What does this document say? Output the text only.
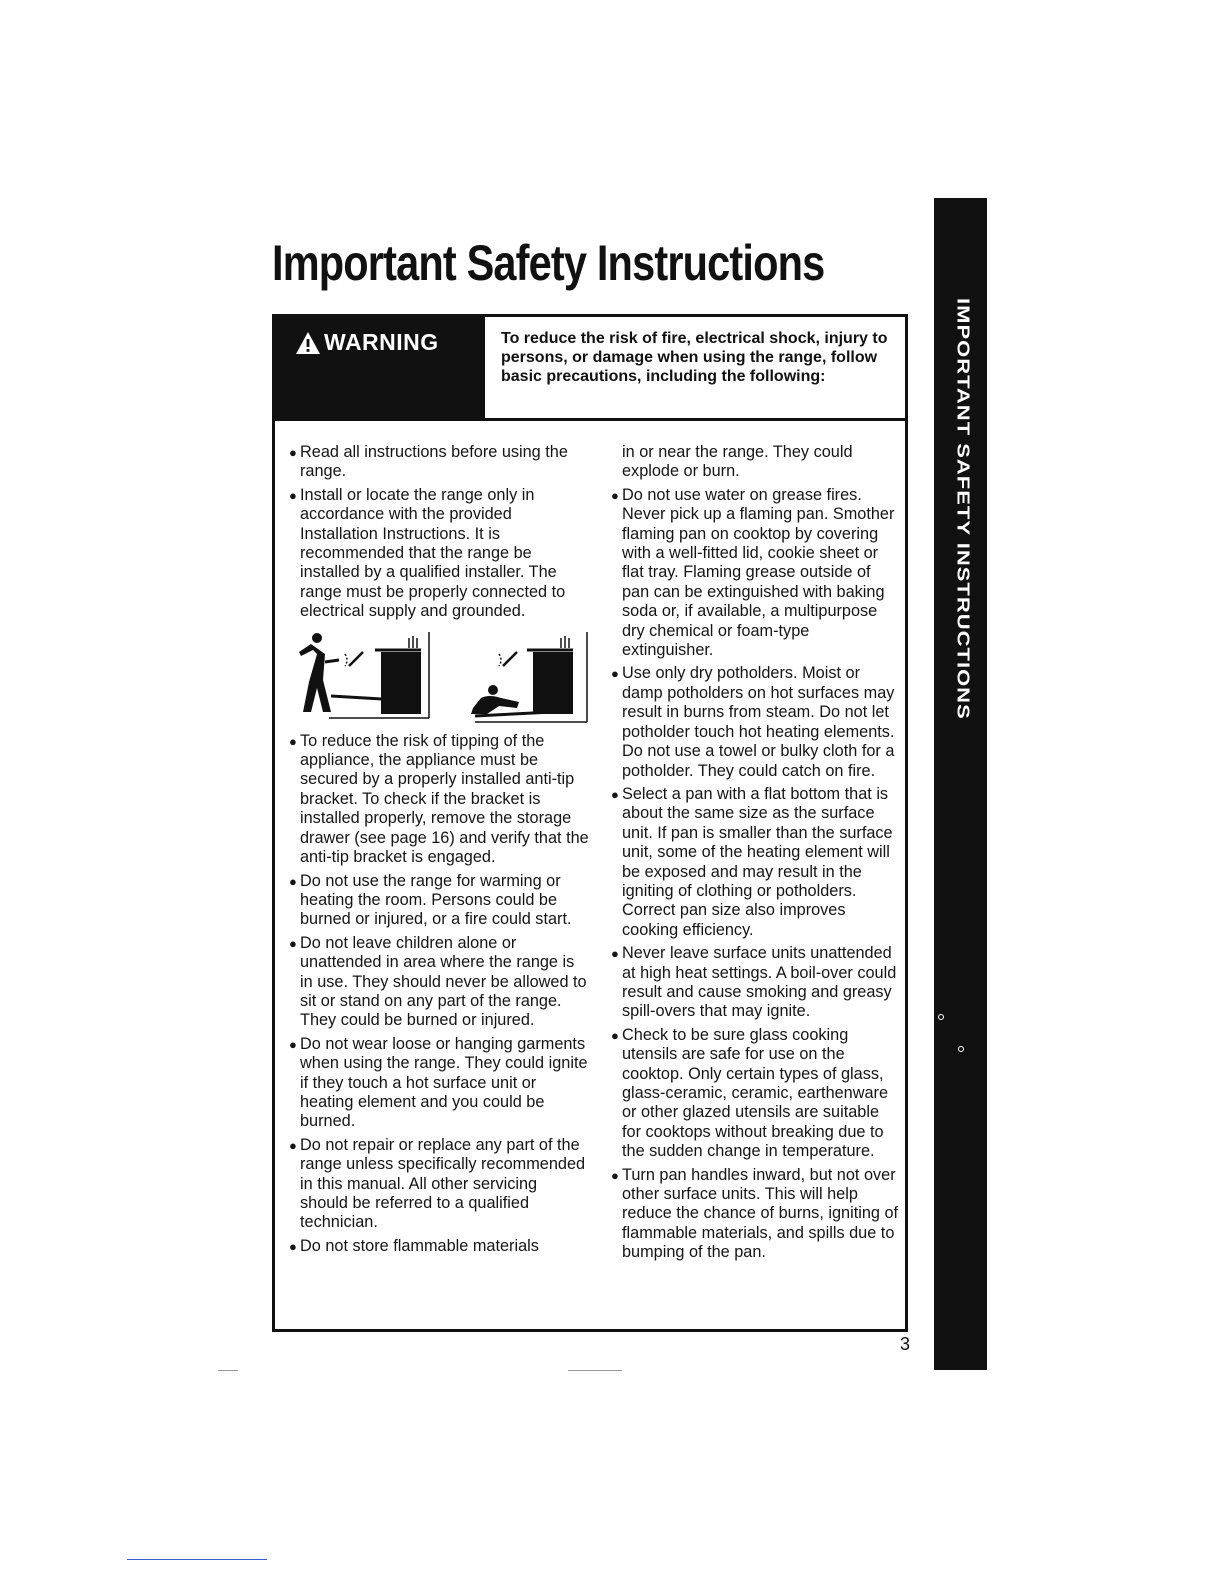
Important Safety Instructions
WARNING	To reduce the risk of fire, electrical shock, injury to persons, or damage when using the range, follow basic precautions, including the following:
● Read all instructions before using the range.
● Install or locate the range only in accordance with the provided Installation Instructions. It is recommended that the range be installed by a qualified installer. The range must be properly connected to electrical supply and grounded.
● To reduce the risk of tipping of the appliance, the appliance must be secured by a properly installed anti-tip bracket. To check if the bracket is installed properly, remove the storage drawer (see page 16) and verify that the anti-tip bracket is engaged.
● Do not use the range for warming or heating the room. Persons could be burned or injured, or a fire could start.
● Do not leave children alone or unattended in area where the range is in use. They should never be allowed to sit or stand on any part of the range. They could be burned or injured.
● Do not wear loose or hanging garments when using the range. They could ignite if they touch a hot surface unit or heating element and you could be burned.
● Do not repair or replace any part of the range unless specifically recommended in this manual. All other servicing should be referred to a qualified technician.
● Do not store flammable materials
in or near the range. They could explode or burn.
● Do not use water on grease fires. Never pick up a flaming pan. Smother flaming pan on cooktop by covering with a well-fitted lid, cookie sheet or flat tray. Flaming grease outside of pan can be extinguished with baking soda or, if available, a multipurpose dry chemical or foam-type extinguisher.
● Use only dry potholders. Moist or damp potholders on hot surfaces may result in burns from steam. Do not let potholder touch hot heating elements. Do not use a towel or bulky cloth for a potholder. They could catch on fire.
● Select a pan with a flat bottom that is about the same size as the surface unit. If pan is smaller than the surface unit, some of the heating element will be exposed and may result in the igniting of clothing or potholders. Correct pan size also improves cooking efficiency.
● Never leave surface units unattended at high heat settings. A boil-over could result and cause smoking and greasy spill-overs that may ignite.
● Check to be sure glass cooking utensils are safe for use on the cooktop. Only certain types of glass, glass-ceramic, ceramic, earthenware or other glazed utensils are suitable for cooktops without breaking due to the sudden change in temperature.
● Turn pan handles inward, but not over other surface units. This will help reduce the chance of burns, igniting of flammable materials, and spills due to bumping of the pan.
3
IMPORTANT SAFETY INSTRUCTIONS
